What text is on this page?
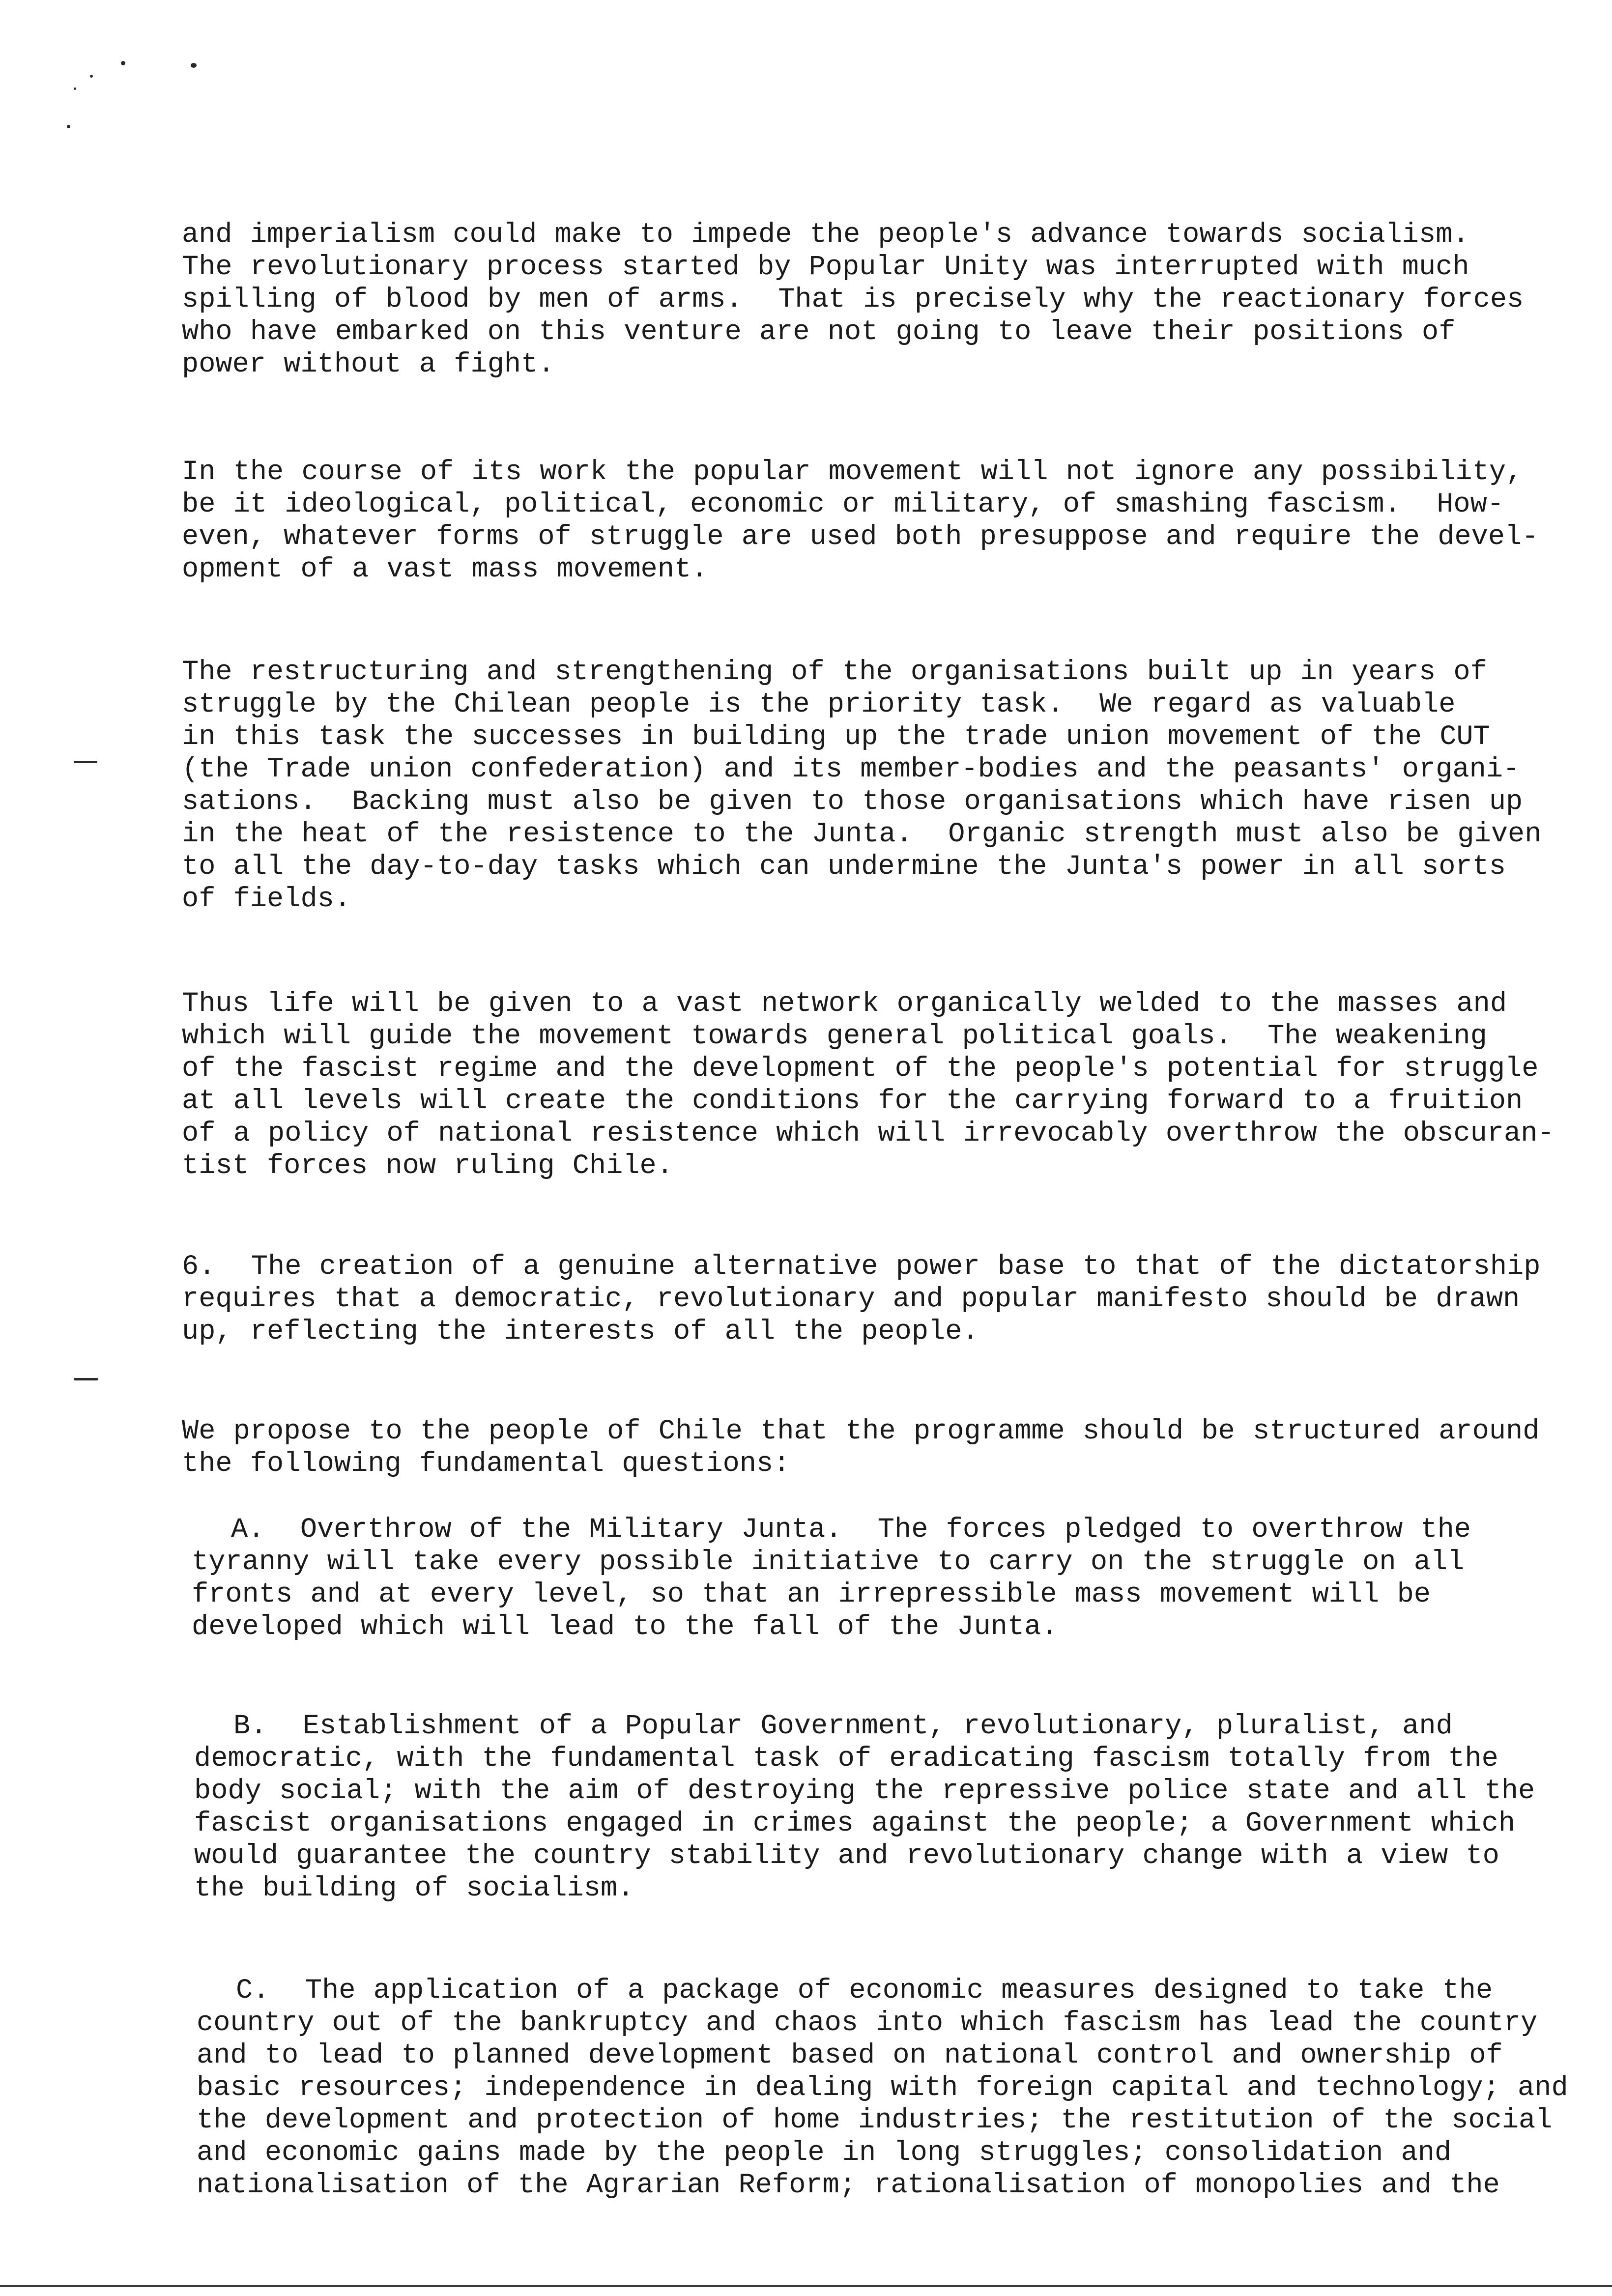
and imperialism could make to impede the people's advance towards socialism.
The revolutionary process started by Popular Unity was interrupted with much
spilling of blood by men of arms.  That is precisely why the reactionary forces
who have embarked on this venture are not going to leave their positions of
power without a fight.

In the course of its work the popular movement will not ignore any possibility,
be it ideological, political, economic or military, of smashing fascism.  How-
even, whatever forms of struggle are used both presuppose and require the devel-
opment of a vast mass movement.

The restructuring and strengthening of the organisations built up in years of
struggle by the Chilean people is the priority task.  We regard as valuable
in this task the successes in building up the trade union movement of the CUT
(the Trade union confederation) and its member-bodies and the peasants' organi-
sations.  Backing must also be given to those organisations which have risen up
in the heat of the resistence to the Junta.  Organic strength must also be given
to all the day-to-day tasks which can undermine the Junta's power in all sorts
of fields.

Thus life will be given to a vast network organically welded to the masses and
which will guide the movement towards general political goals.  The weakening
of the fascist regime and the development of the people's potential for struggle
at all levels will create the conditions for the carrying forward to a fruition
of a policy of national resistence which will irrevocably overthrow the obscuran-
tist forces now ruling Chile.

6.  The creation of a genuine alternative power base to that of the dictatorship
requires that a democratic, revolutionary and popular manifesto should be drawn
up, reflecting the interests of all the people.

We propose to the people of Chile that the programme should be structured around
the following fundamental questions:

A.  Overthrow of the Military Junta.  The forces pledged to overthrow the
tyranny will take every possible initiative to carry on the struggle on all
fronts and at every level, so that an irrepressible mass movement will be
developed which will lead to the fall of the Junta.

B.  Establishment of a Popular Government, revolutionary, pluralist, and
democratic, with the fundamental task of eradicating fascism totally from the
body social; with the aim of destroying the repressive police state and all the
fascist organisations engaged in crimes against the people; a Government which
would guarantee the country stability and revolutionary change with a view to
the building of socialism.

C.  The application of a package of economic measures designed to take the
country out of the bankruptcy and chaos into which fascism has lead the country
and to lead to planned development based on national control and ownership of
basic resources; independence in dealing with foreign capital and technology; and
the development and protection of home industries; the restitution of the social
and economic gains made by the people in long struggles; consolidation and
nationalisation of the Agrarian Reform; rationalisation of monopolies and the
